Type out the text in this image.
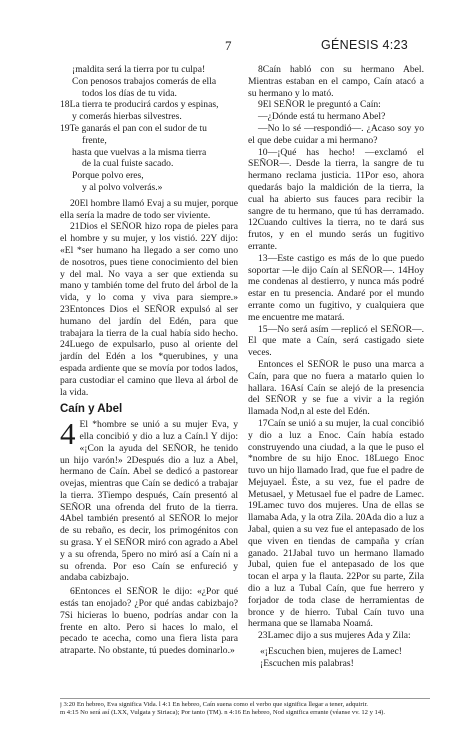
7	GÉNESIS 4:23
¡maldita será la tierra por tu culpa!
Con penosos trabajos comerás de ella
todos los días de tu vida.
18La tierra te producirá cardos y espinas,
y comerás hierbas silvestres.
19Te ganarás el pan con el sudor de tu
frente,
hasta que vuelvas a la misma tierra
de la cual fuiste sacado.
Porque polvo eres,
y al polvo volverás.»

20El hombre llamó Evaj a su mujer, porque ella sería la madre de todo ser viviente.

21Dios el SEÑOR hizo ropa de pieles para el hombre y su mujer, y los vistió. 22Y dijo: «El *ser humano ha llegado a ser como uno de nosotros, pues tiene conocimiento del bien y del mal. No vaya a ser que extienda su mano y también tome del fruto del árbol de la vida, y lo coma y viva para siempre.» 23Entonces Dios el SEÑOR expulsó al ser humano del jardín del Edén, para que trabajara la tierra de la cual había sido hecho. 24Luego de expulsarlo, puso al oriente del jardín del Edén a los *querubines, y una espada ardiente que se movía por todos lados, para custodiar el camino que lleva al árbol de la vida.

Caín y Abel
4 El *hombre se unió a su mujer Eva, y ella concibió y dio a luz a Caín.l Y dijo: «¡Con la ayuda del SEÑOR, he tenido un hijo varón!» 2Después dio a luz a Abel, hermano de Caín. Abel se dedicó a pastorear ovejas, mientras que Caín se dedicó a trabajar la tierra. 3Tiempo después, Caín presentó al SEÑOR una ofrenda del fruto de la tierra. 4Abel también presentó al SEÑOR lo mejor de su rebaño, es decir, los primogénitos con su grasa. Y el SEÑOR miró con agrado a Abel y a su ofrenda, 5pero no miró así a Caín ni a su ofrenda. Por eso Caín se enfureció y andaba cabizbajo.

6Entonces el SEÑOR le dijo: «¿Por qué estás tan enojado? ¿Por qué andas cabizbajo? 7Si hicieras lo bueno, podrías andar con la frente en alto. Pero si haces lo malo, el pecado te acecha, como una fiera lista para atraparte. No obstante, tú puedes dominarlo.»

8Caín habló con su hermano Abel. Mientras estaban en el campo, Caín atacó a su hermano y lo mató.

9El SEÑOR le preguntó a Caín:

—¿Dónde está tu hermano Abel?

—No lo sé —respondió—. ¿Acaso soy yo el que debe cuidar a mi hermano?

10—¡Qué has hecho! —exclamó el SEÑOR—. Desde la tierra, la sangre de tu hermano reclama justicia. 11Por eso, ahora quedarás bajo la maldición de la tierra, la cual ha abierto sus fauces para recibir la sangre de tu hermano, que tú has derramado. 12Cuando cultives la tierra, no te dará sus frutos, y en el mundo serás un fugitivo errante.

13—Este castigo es más de lo que puedo soportar —le dijo Caín al SEÑOR—. 14Hoy me condenas al destierro, y nunca más podré estar en tu presencia. Andaré por el mundo errante como un fugitivo, y cualquiera que me encuentre me matará.

15—No será asím —replicó el SEÑOR—. El que mate a Caín, será castigado siete veces.

Entonces el SEÑOR le puso una marca a Caín, para que no fuera a matarlo quien lo hallara. 16Así Caín se alejó de la presencia del SEÑOR y se fue a vivir a la región llamada Nod,n al este del Edén.

17Caín se unió a su mujer, la cual concibió y dio a luz a Enoc. Caín había estado construyendo una ciudad, a la que le puso el *nombre de su hijo Enoc. 18Luego Enoc tuvo un hijo llamado Irad, que fue el padre de Mejuyael. Éste, a su vez, fue el padre de Metusael, y Metusael fue el padre de Lamec. 19Lamec tuvo dos mujeres. Una de ellas se llamaba Ada, y la otra Zila. 20Ada dio a luz a Jabal, quien a su vez fue el antepasado de los que viven en tiendas de campaña y crían ganado. 21Jabal tuvo un hermano llamado Jubal, quien fue el antepasado de los que tocan el arpa y la flauta. 22Por su parte, Zila dio a luz a Tubal Caín, que fue herrero y forjador de toda clase de herramientas de bronce y de hierro. Tubal Caín tuvo una hermana que se llamaba Noamá.

23Lamec dijo a sus mujeres Ada y Zila:

«¡Escuchen bien, mujeres de Lamec!
¡Escuchen mis palabras!
j 3:20 En hebreo, Eva significa Vida. l 4:1 En hebreo, Caín suena como el verbo que significa llegar a tener, adquirir.
m 4:15 No será así (LXX, Vulgata y Siriaca); Por tanto (TM). n 4:16 En hebreo, Nod significa errante (véanse vv. 12 y 14).
